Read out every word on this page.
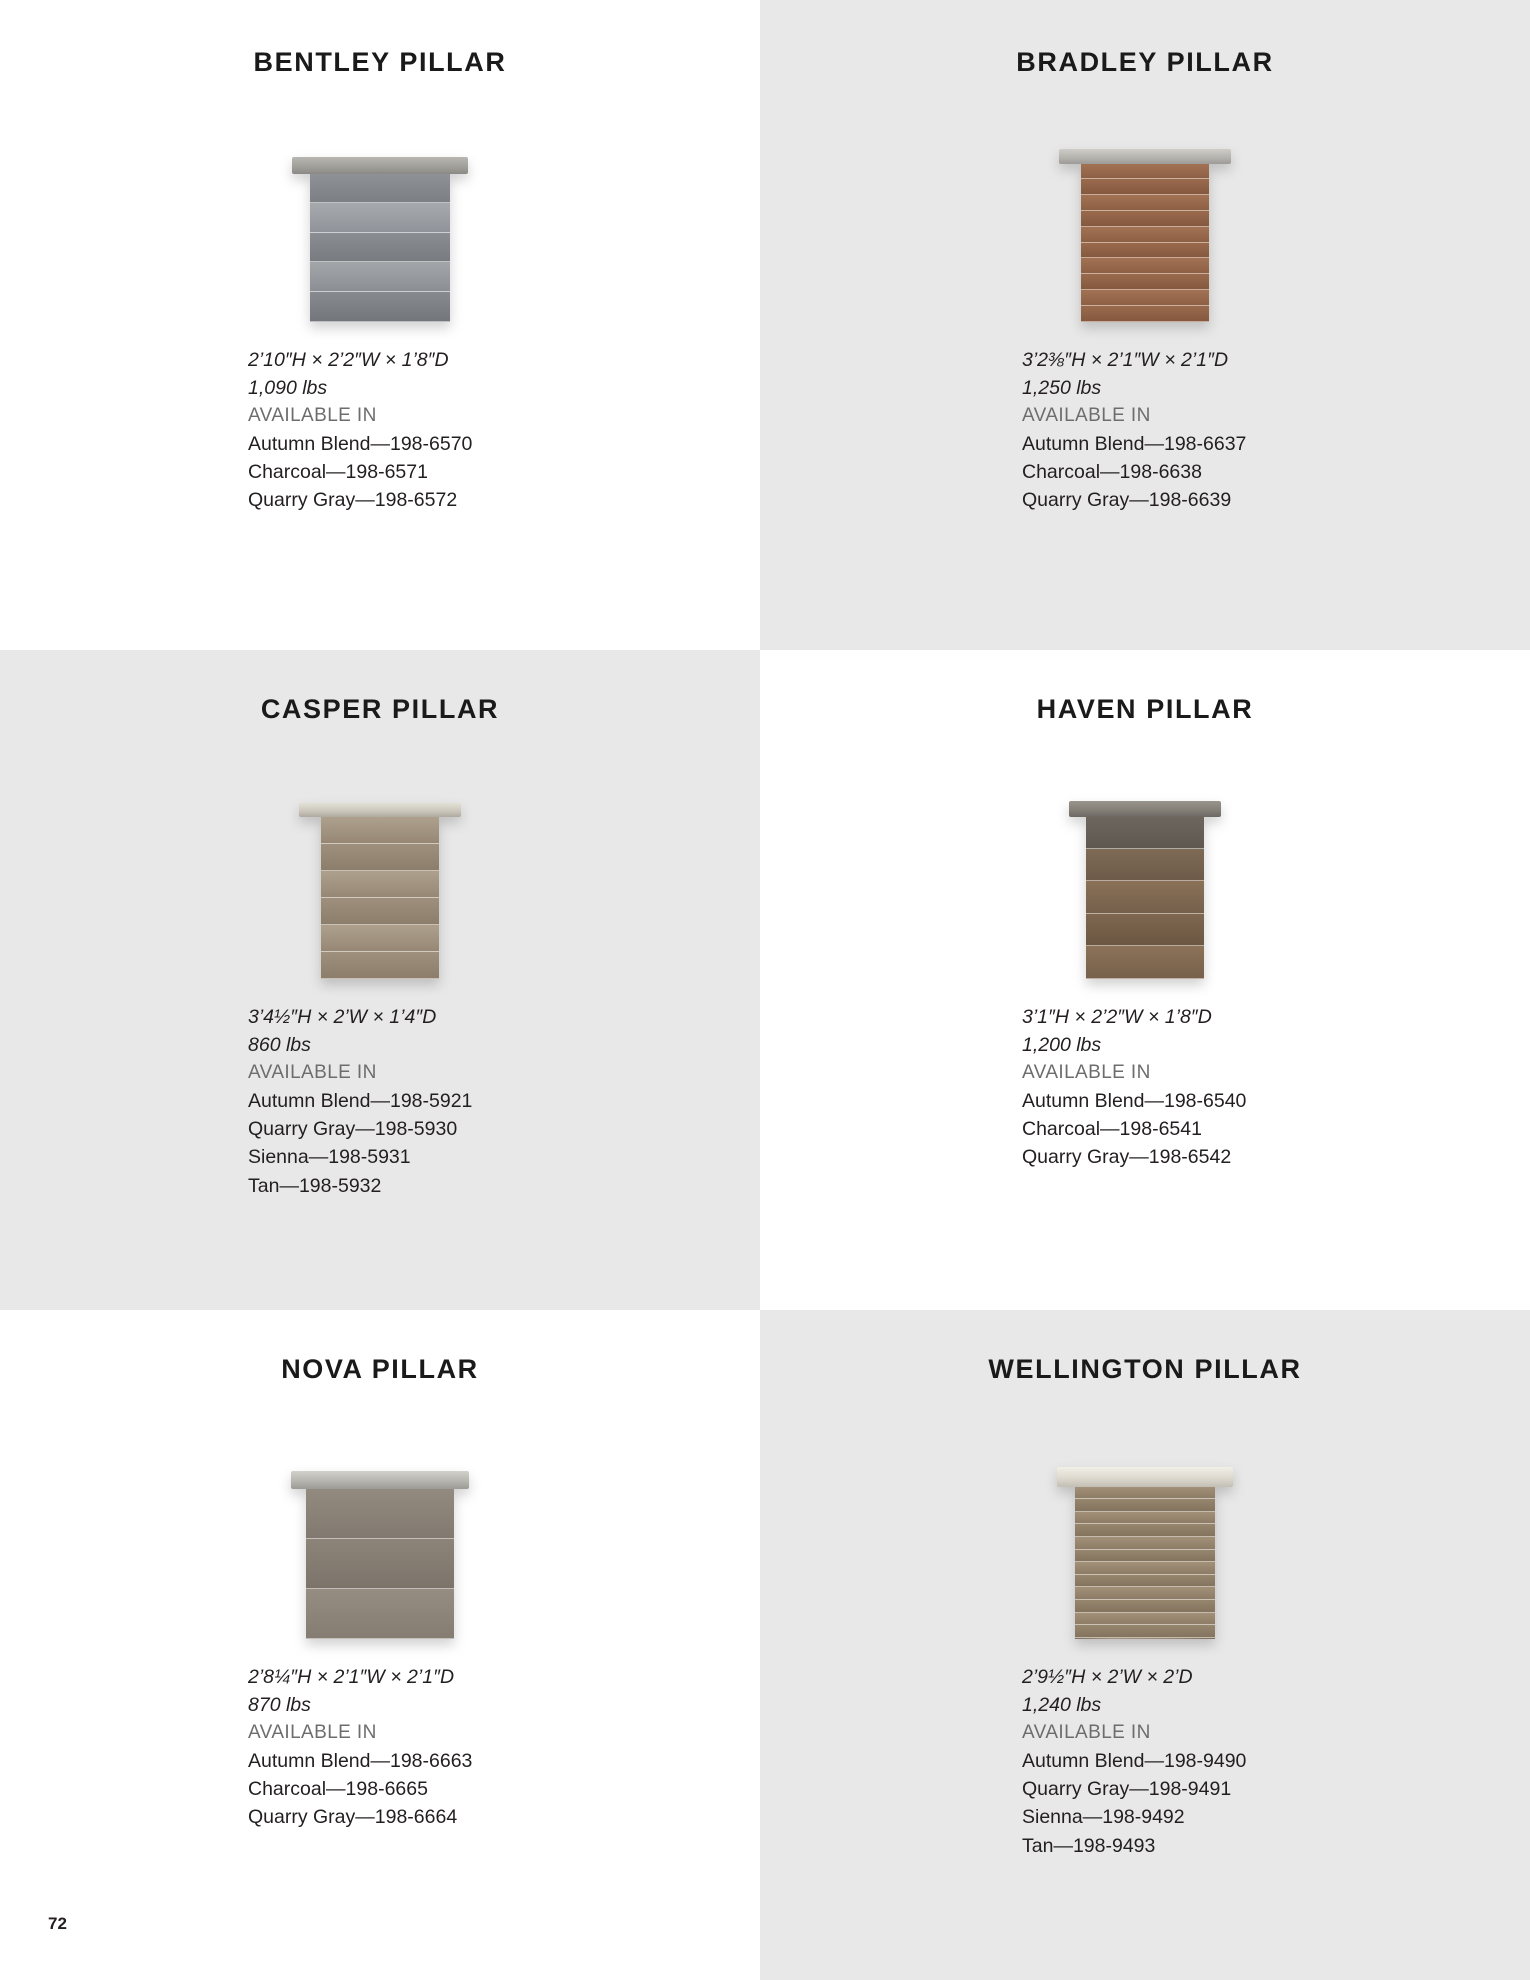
BENTLEY PILLAR
2’10″H × 2’2″W × 1’8″D
1,090 lbs
AVAILABLE IN
Autumn Blend—198-6570
Charcoal—198-6571
Quarry Gray—198-6572
BRADLEY PILLAR
3’2⅜″H × 2’1″W × 2’1″D
1,250 lbs
AVAILABLE IN
Autumn Blend—198-6637
Charcoal—198-6638
Quarry Gray—198-6639
CASPER PILLAR
3’4½″H × 2’W × 1’4″D
860 lbs
AVAILABLE IN
Autumn Blend—198-5921
Quarry Gray—198-5930
Sienna—198-5931
Tan—198-5932
HAVEN PILLAR
3’1″H × 2’2″W × 1’8″D
1,200 lbs
AVAILABLE IN
Autumn Blend—198-6540
Charcoal—198-6541
Quarry Gray—198-6542
NOVA PILLAR
2’8¼″H × 2’1″W × 2’1″D
870 lbs
AVAILABLE IN
Autumn Blend—198-6663
Charcoal—198-6665
Quarry Gray—198-6664
72
WELLINGTON PILLAR
2’9½″H × 2’W × 2’D
1,240 lbs
AVAILABLE IN
Autumn Blend—198-9490
Quarry Gray—198-9491
Sienna—198-9492
Tan—198-9493
